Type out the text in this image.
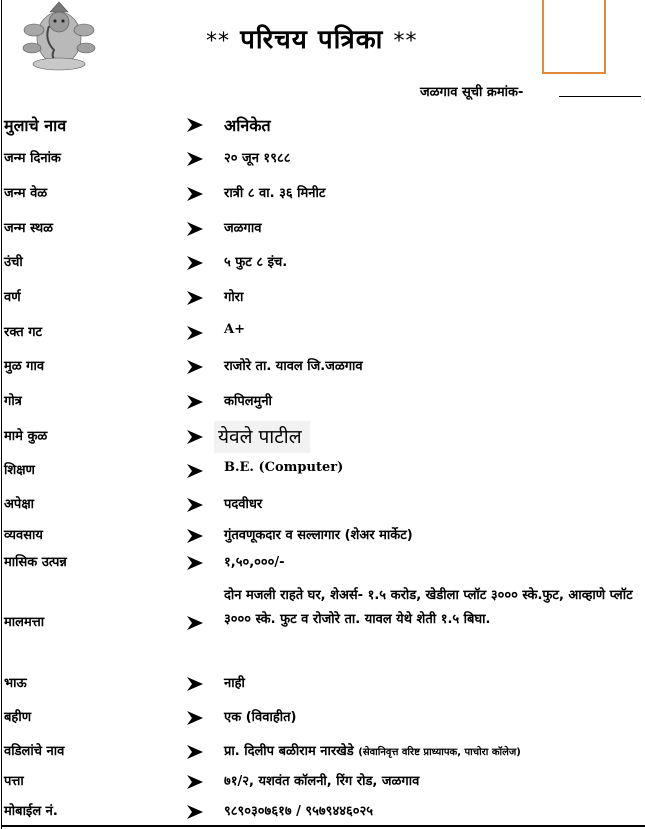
** परिचय पत्रिका **
जळगाव सूची क्रमांक-
मुलाचे नाव
जन्म दिनांक
जन्म वेळ
जन्म स्थळ
उंची
वर्ण
रक्त गट
मुळ गाव
गोत्र
मामे कुळ
शिक्षण
अपेक्षा
व्यवसाय
मासिक उत्पन्न
मालमत्ता
भाऊ
बहीण
वडिलांचे नाव
पत्ता
मोबाईल नं.
अनिकेत
२० जून १९८८
रात्री ८ वा. ३६ मिनीट
जळगाव
५ फुट ८ इंच.
गोरा
A+
राजोरे ता. यावल जि.जळगाव
कपिलमुनी
येवले पाटील
B.E. (Computer)
पदवीधर
गुंतवणूकदार व सल्लागार (शेअर मार्केट)
१,५०,०००/-
दोन मजली राहते घर, शेअर्स- १.५ करोड, खेडीला प्लॉट ३००० स्के.फुट, आव्हाणे प्लॉट ३००० स्के. फुट व रोजोरे ता. यावल येथे शेती १.५ बिघा.
नाही
एक (विवाहीत)
प्रा. दिलीप बळीराम नारखेडे (सेवानिवृत्त वरिष्ट प्राध्यापक, पाचोरा कॉलेज)
७१/२, यशवंत कॉलनी, रिंग रोड, जळगाव
९८९०३०७६१७ / ९५७९४४६०२५
